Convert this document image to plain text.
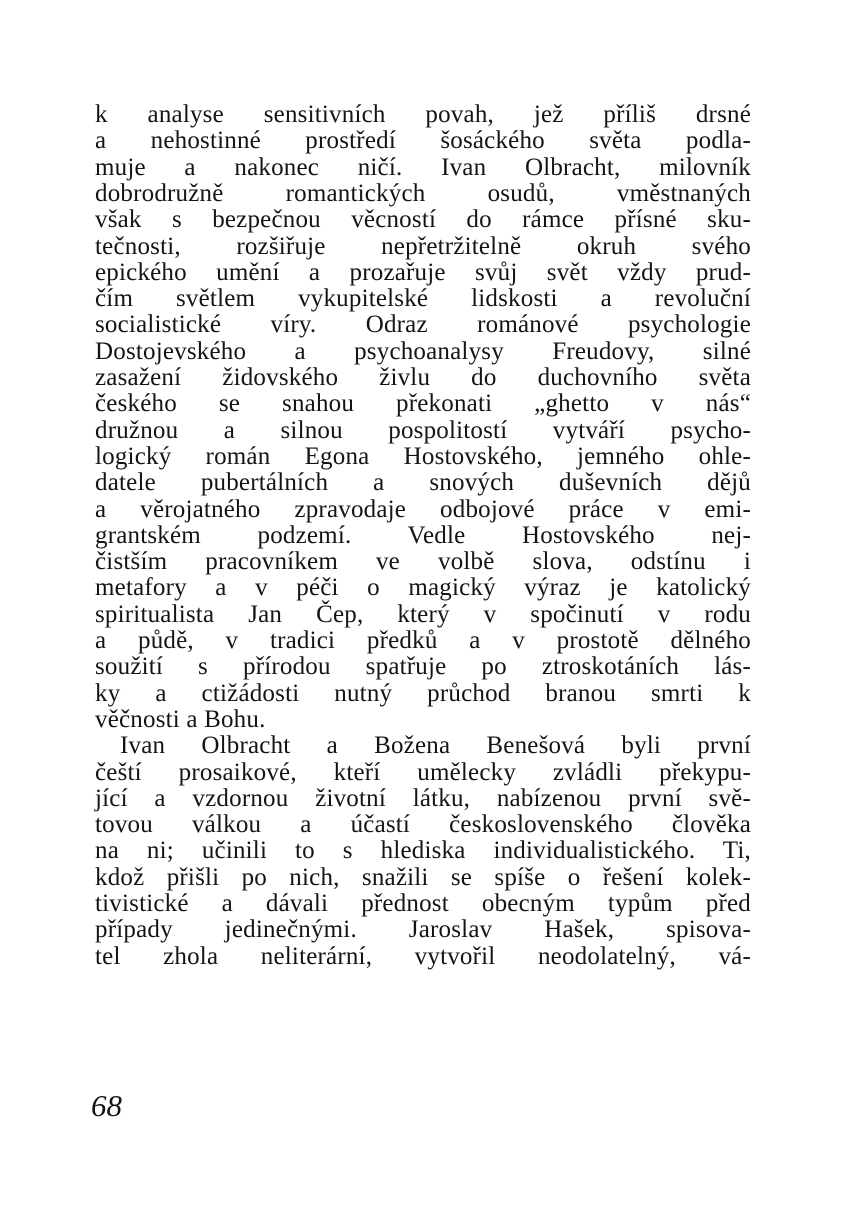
k analyse sensitivních povah, jež příliš drsné
a nehostinné prostředí šosáckého světa podla-
muje a nakonec ničí. Ivan Olbracht, milovník
dobrodružně romantických osudů, vměstnaných
však s bezpečnou věcností do rámce přísné sku-
tečnosti, rozšiřuje nepřetržitelně okruh svého
epického umění a prozařuje svůj svět vždy prud-
čím světlem vykupitelské lidskosti a revoluční
socialistické víry. Odraz románové psychologie
Dostojevského a psychoanalysy Freudovy, silné
zasažení židovského živlu do duchovního světa
českého se snahou překonati „ghetto v nás“
družnou a silnou pospolitostí vytváří psycho-
logický román Egona Hostovského, jemného ohle-
datele pubertálních a snových duševních dějů
a věrojatného zpravodaje odbojové práce v emi-
grantském podzemí. Vedle Hostovského nej-
čistším pracovníkem ve volbě slova, odstínu i
metafory a v péči o magický výraz je katolický
spiritualista Jan Čep, který v spočinutí v rodu
a půdě, v tradici předků a v prostotě dělného
soužití s přírodou spatřuje po ztroskotáních lás-
ky a ctižádosti nutný průchod branou smrti k
věčnosti a Bohu.
Ivan Olbracht a Božena Benešová byli první
čeští prosaikové, kteří umělecky zvládli překypu-
jící a vzdornou životní látku, nabízenou první svě-
tovou válkou a účastí československého člověka
na ni; učinili to s hlediska individualistického. Ti,
kdož přišli po nich, snažili se spíše o řešení kolek-
tivistické a dávali přednost obecným typům před
případy jedinečnými. Jaroslav Hašek, spisova-
tel zhola neliterární, vytvořil neodolatelný, vá-
68
